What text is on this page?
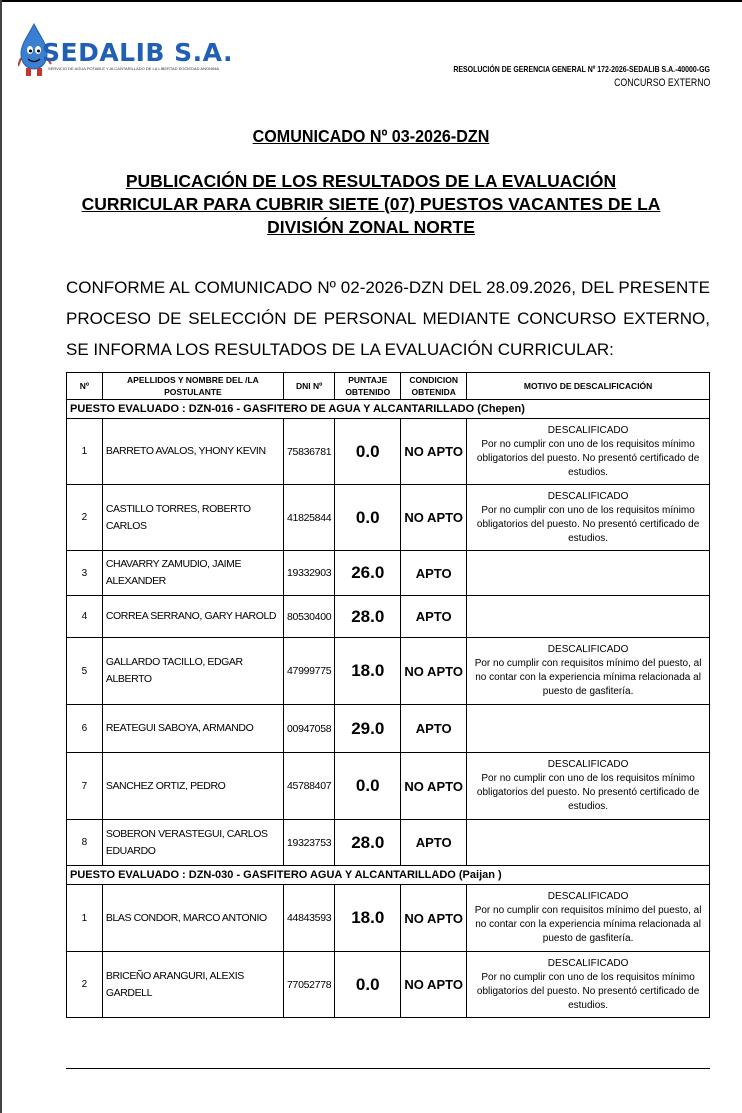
SEDALIB S.A.
SERVICIO DE AGUA POTABLE Y ALCANTARILLADO DE LA LIBERTAD SOCIEDAD ANONIMA	RESOLUCIÓN DE GERENCIA GENERAL Nº 172-2026-SEDALIB S.A.-40000-GG
CONCURSO EXTERNO
COMUNICADO Nº 03-2026-DZN
PUBLICACIÓN DE LOS RESULTADOS DE LA EVALUACIÓN CURRICULAR PARA CUBRIR SIETE (07) PUESTOS VACANTES DE LA DIVISIÓN ZONAL NORTE
CONFORME AL COMUNICADO Nº 02-2026-DZN DEL 28.09.2026, DEL PRESENTE PROCESO DE SELECCIÓN DE PERSONAL MEDIANTE CONCURSO EXTERNO, SE INFORMA LOS RESULTADOS DE LA EVALUACIÓN CURRICULAR:
Nº	APELLIDOS Y NOMBRE DEL /LA POSTULANTE	DNI Nº	PUNTAJE OBTENIDO	CONDICION OBTENIDA	MOTIVO DE DESCALIFICACIÓN
PUESTO EVALUADO : DZN-016 - GASFITERO DE AGUA Y ALCANTARILLADO (Chepen)					
1	BARRETO AVALOS, YHONY KEVIN	75836781	0.0	NO APTO	DESCALIFICADO
Por no cumplir con uno de los requisitos mínimo obligatorios del puesto. No presentó certificado de estudios.

2	CASTILLO TORRES, ROBERTO CARLOS	41825844	0.0	NO APTO	DESCALIFICADO
Por no cumplir con uno de los requisitos mínimo obligatorios del puesto. No presentó certificado de estudios.

3	CHAVARRY ZAMUDIO, JAIME ALEXANDER	19332903	26.0	APTO	

4	CORREA SERRANO, GARY HAROLD	80530400	28.0	APTO	

5	GALLARDO TACILLO, EDGAR ALBERTO	47999775	18.0	NO APTO	DESCALIFICADO
Por no cumplir con requisitos mínimo del puesto, al no contar con la experiencia mínima relacionada al puesto de gasfitería.

6	REATEGUI SABOYA, ARMANDO	00947058	29.0	APTO	

7	SANCHEZ ORTIZ, PEDRO	45788407	0.0	NO APTO	DESCALIFICADO
Por no cumplir con uno de los requisitos mínimo obligatorios del puesto. No presentó certificado de estudios.

8	SOBERON VERASTEGUI, CARLOS EDUARDO	19323753	28.0	APTO	

PUESTO EVALUADO : DZN-030 - GASFITERO AGUA Y ALCANTARILLADO (Paijan )					
1	BLAS CONDOR, MARCO ANTONIO	44843593	18.0	NO APTO	DESCALIFICADO
Por no cumplir con requisitos mínimo del puesto, al no contar con la experiencia mínima relacionada al puesto de gasfitería.

2	BRICEÑO ARANGURI, ALEXIS GARDELL	77052778	0.0	NO APTO	DESCALIFICADO
Por no cumplir con uno de los requisitos mínimo obligatorios del puesto. No presentó certificado de estudios.
